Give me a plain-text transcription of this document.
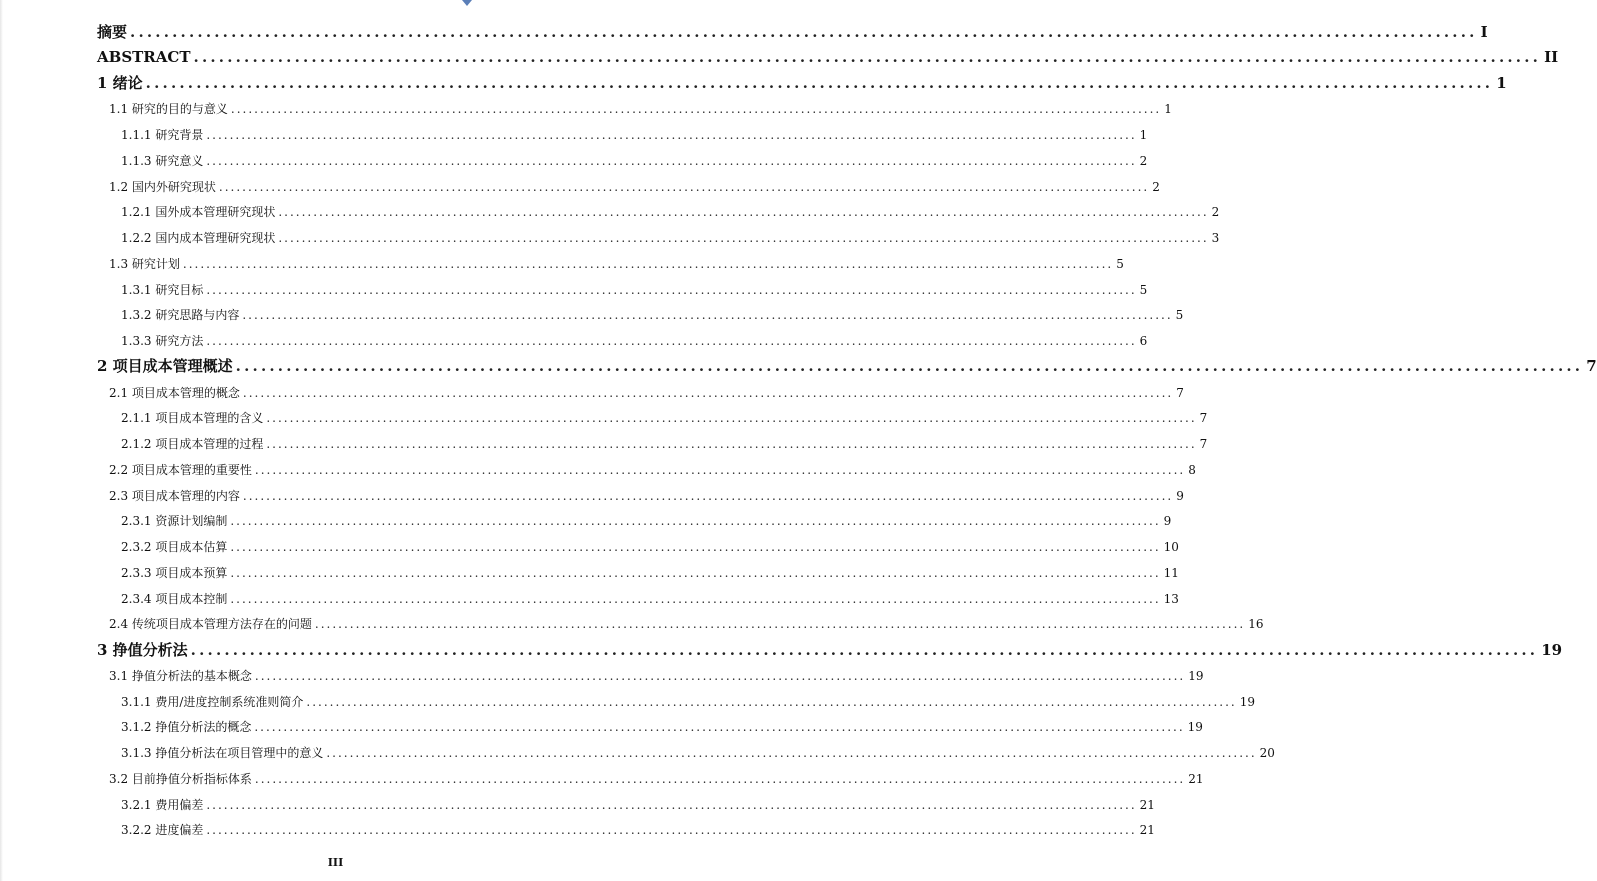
摘要 ................................................................................................................................................................ I
ABSTRACT ................................................................................................................................................................ II
1 绪论 ................................................................................................................................................................ 1
1.1 研究的目的与意义 ................................................................................................................................................................ 1
1.1.1 研究背景 ................................................................................................................................................................ 1
1.1.3 研究意义 ................................................................................................................................................................ 2
1.2 国内外研究现状 ................................................................................................................................................................ 2
1.2.1 国外成本管理研究现状 ................................................................................................................................................................ 2
1.2.2 国内成本管理研究现状 ................................................................................................................................................................ 3
1.3 研究计划 ................................................................................................................................................................ 5
1.3.1 研究目标 ................................................................................................................................................................ 5
1.3.2 研究思路与内容 ................................................................................................................................................................ 5
1.3.3 研究方法 ................................................................................................................................................................ 6
2 项目成本管理概述 ................................................................................................................................................................ 7
2.1 项目成本管理的概念 ................................................................................................................................................................ 7
2.1.1 项目成本管理的含义 ................................................................................................................................................................ 7
2.1.2 项目成本管理的过程 ................................................................................................................................................................ 7
2.2 项目成本管理的重要性 ................................................................................................................................................................ 8
2.3 项目成本管理的内容 ................................................................................................................................................................ 9
2.3.1 资源计划编制 ................................................................................................................................................................ 9
2.3.2 项目成本估算 ................................................................................................................................................................ 10
2.3.3 项目成本预算 ................................................................................................................................................................ 11
2.3.4 项目成本控制 ................................................................................................................................................................ 13
2.4 传统项目成本管理方法存在的问题 ................................................................................................................................................................ 16
3 挣值分析法 ................................................................................................................................................................ 19
3.1 挣值分析法的基本概念 ................................................................................................................................................................ 19
3.1.1 费用/进度控制系统准则简介 ................................................................................................................................................................ 19
3.1.2 挣值分析法的概念 ................................................................................................................................................................ 19
3.1.3 挣值分析法在项目管理中的意义 ................................................................................................................................................................ 20
3.2 目前挣值分析指标体系 ................................................................................................................................................................ 21
3.2.1 费用偏差 ................................................................................................................................................................ 21
3.2.2 进度偏差 ................................................................................................................................................................ 21
III
